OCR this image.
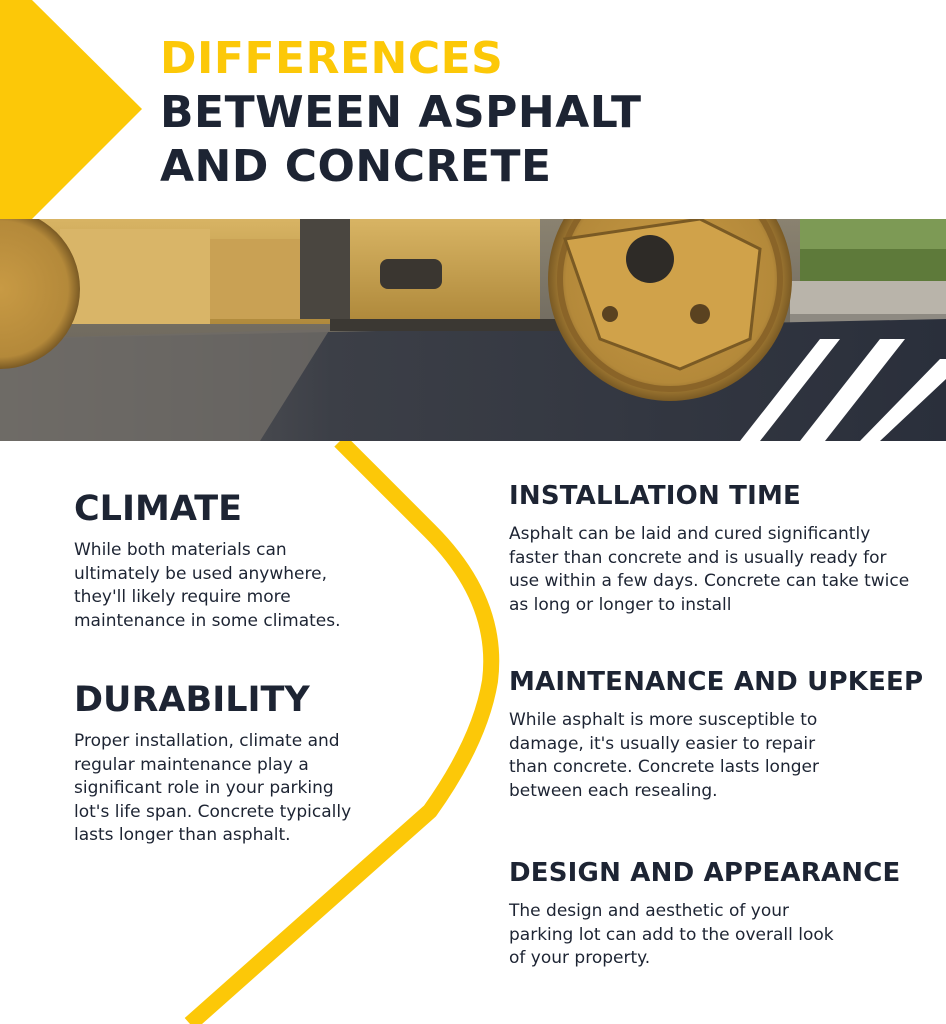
DIFFERENCES
BETWEEN ASPHALT
AND CONCRETE
CLIMATE

While both materials can ultimately be used anywhere, they'll likely require more maintenance in some climates.

DURABILITY

Proper installation, climate and regular maintenance play a significant role in your parking lot's life span. Concrete typically lasts longer than asphalt.

INSTALLATION TIME

Asphalt can be laid and cured significantly faster than concrete and is usually ready for use within a few days. Concrete can take twice as long or longer to install

MAINTENANCE AND UPKEEP

While asphalt is more susceptible to damage, it's usually easier to repair than concrete. Concrete lasts longer between each resealing.

DESIGN AND APPEARANCE

The design and aesthetic of your parking lot can add to the overall look of your property.
